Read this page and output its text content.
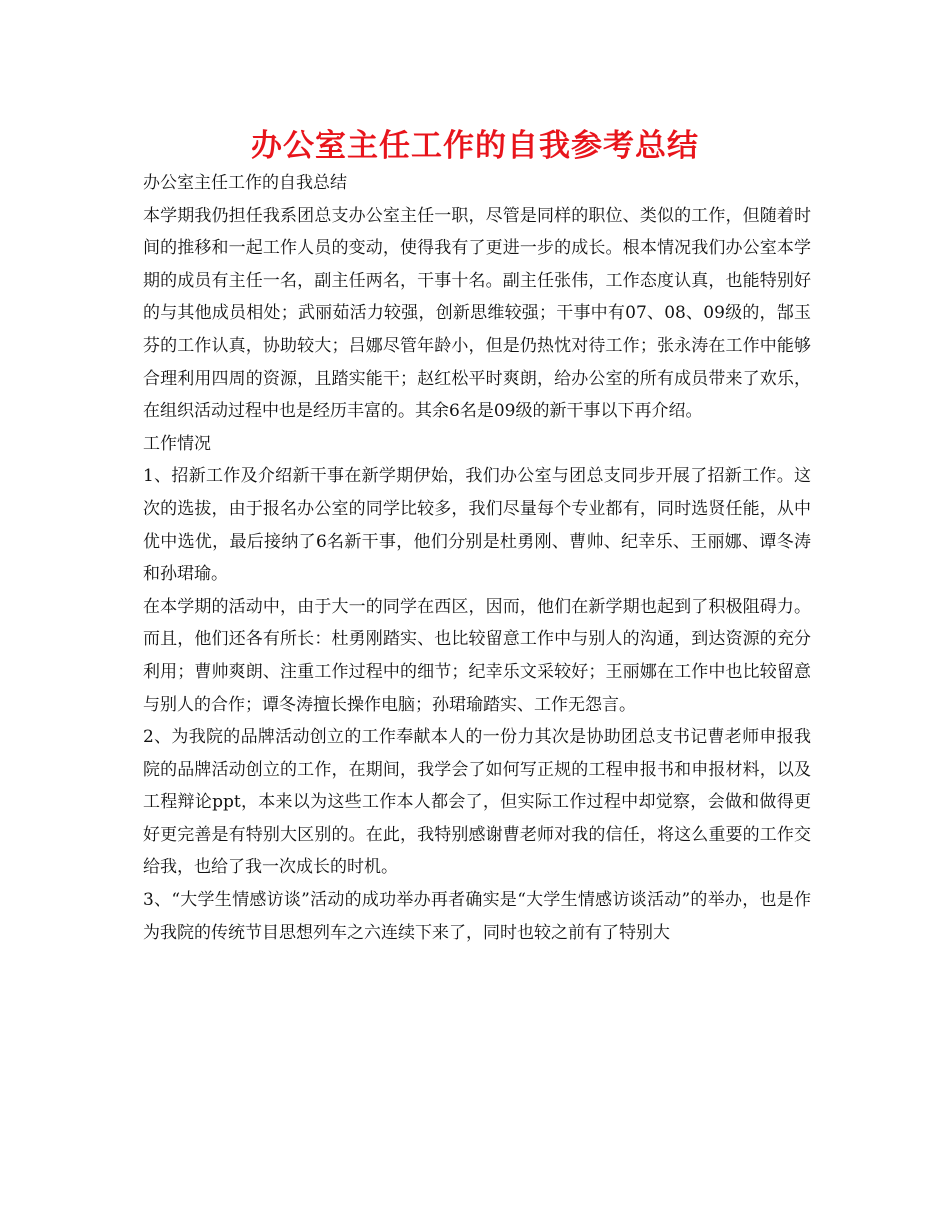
办公室主任工作的自我参考总结

办公室主任工作的自我总结

本学期我仍担任我系团总支办公室主任一职，尽管是同样的职位、类似的工作，但随着时间的推移和一起工作人员的变动，使得我有了更进一步的成长。根本情况我们办公室本学期的成员有主任一名，副主任两名，干事十名。副主任张伟，工作态度认真，也能特别好的与其他成员相处；武丽茹活力较强，创新思维较强；干事中有07、08、09级的，郜玉芬的工作认真，协助较大；吕娜尽管年龄小，但是仍热忱对待工作；张永涛在工作中能够合理利用四周的资源，且踏实能干；赵红松平时爽朗，给办公室的所有成员带来了欢乐，在组织活动过程中也是经历丰富的。其余6名是09级的新干事以下再介绍。

工作情况

1、招新工作及介绍新干事在新学期伊始，我们办公室与团总支同步开展了招新工作。这次的选拔，由于报名办公室的同学比较多，我们尽量每个专业都有，同时选贤任能，从中优中选优，最后接纳了6名新干事，他们分别是杜勇刚、曹帅、纪幸乐、王丽娜、谭冬涛和孙珺瑜。

在本学期的活动中，由于大一的同学在西区，因而，他们在新学期也起到了积极阻碍力。而且，他们还各有所长：杜勇刚踏实、也比较留意工作中与别人的沟通，到达资源的充分利用；曹帅爽朗、注重工作过程中的细节；纪幸乐文采较好；王丽娜在工作中也比较留意与别人的合作；谭冬涛擅长操作电脑；孙珺瑜踏实、工作无怨言。

2、为我院的品牌活动创立的工作奉献本人的一份力其次是协助团总支书记曹老师申报我院的品牌活动创立的工作，在期间，我学会了如何写正规的工程申报书和申报材料，以及工程辩论ppt，本来以为这些工作本人都会了，但实际工作过程中却觉察，会做和做得更好更完善是有特别大区别的。在此，我特别感谢曹老师对我的信任，将这么重要的工作交给我，也给了我一次成长的时机。

3、“大学生情感访谈”活动的成功举办再者确实是“大学生情感访谈活动”的举办，也是作为我院的传统节目思想列车之六连续下来了，同时也较之前有了特别大
